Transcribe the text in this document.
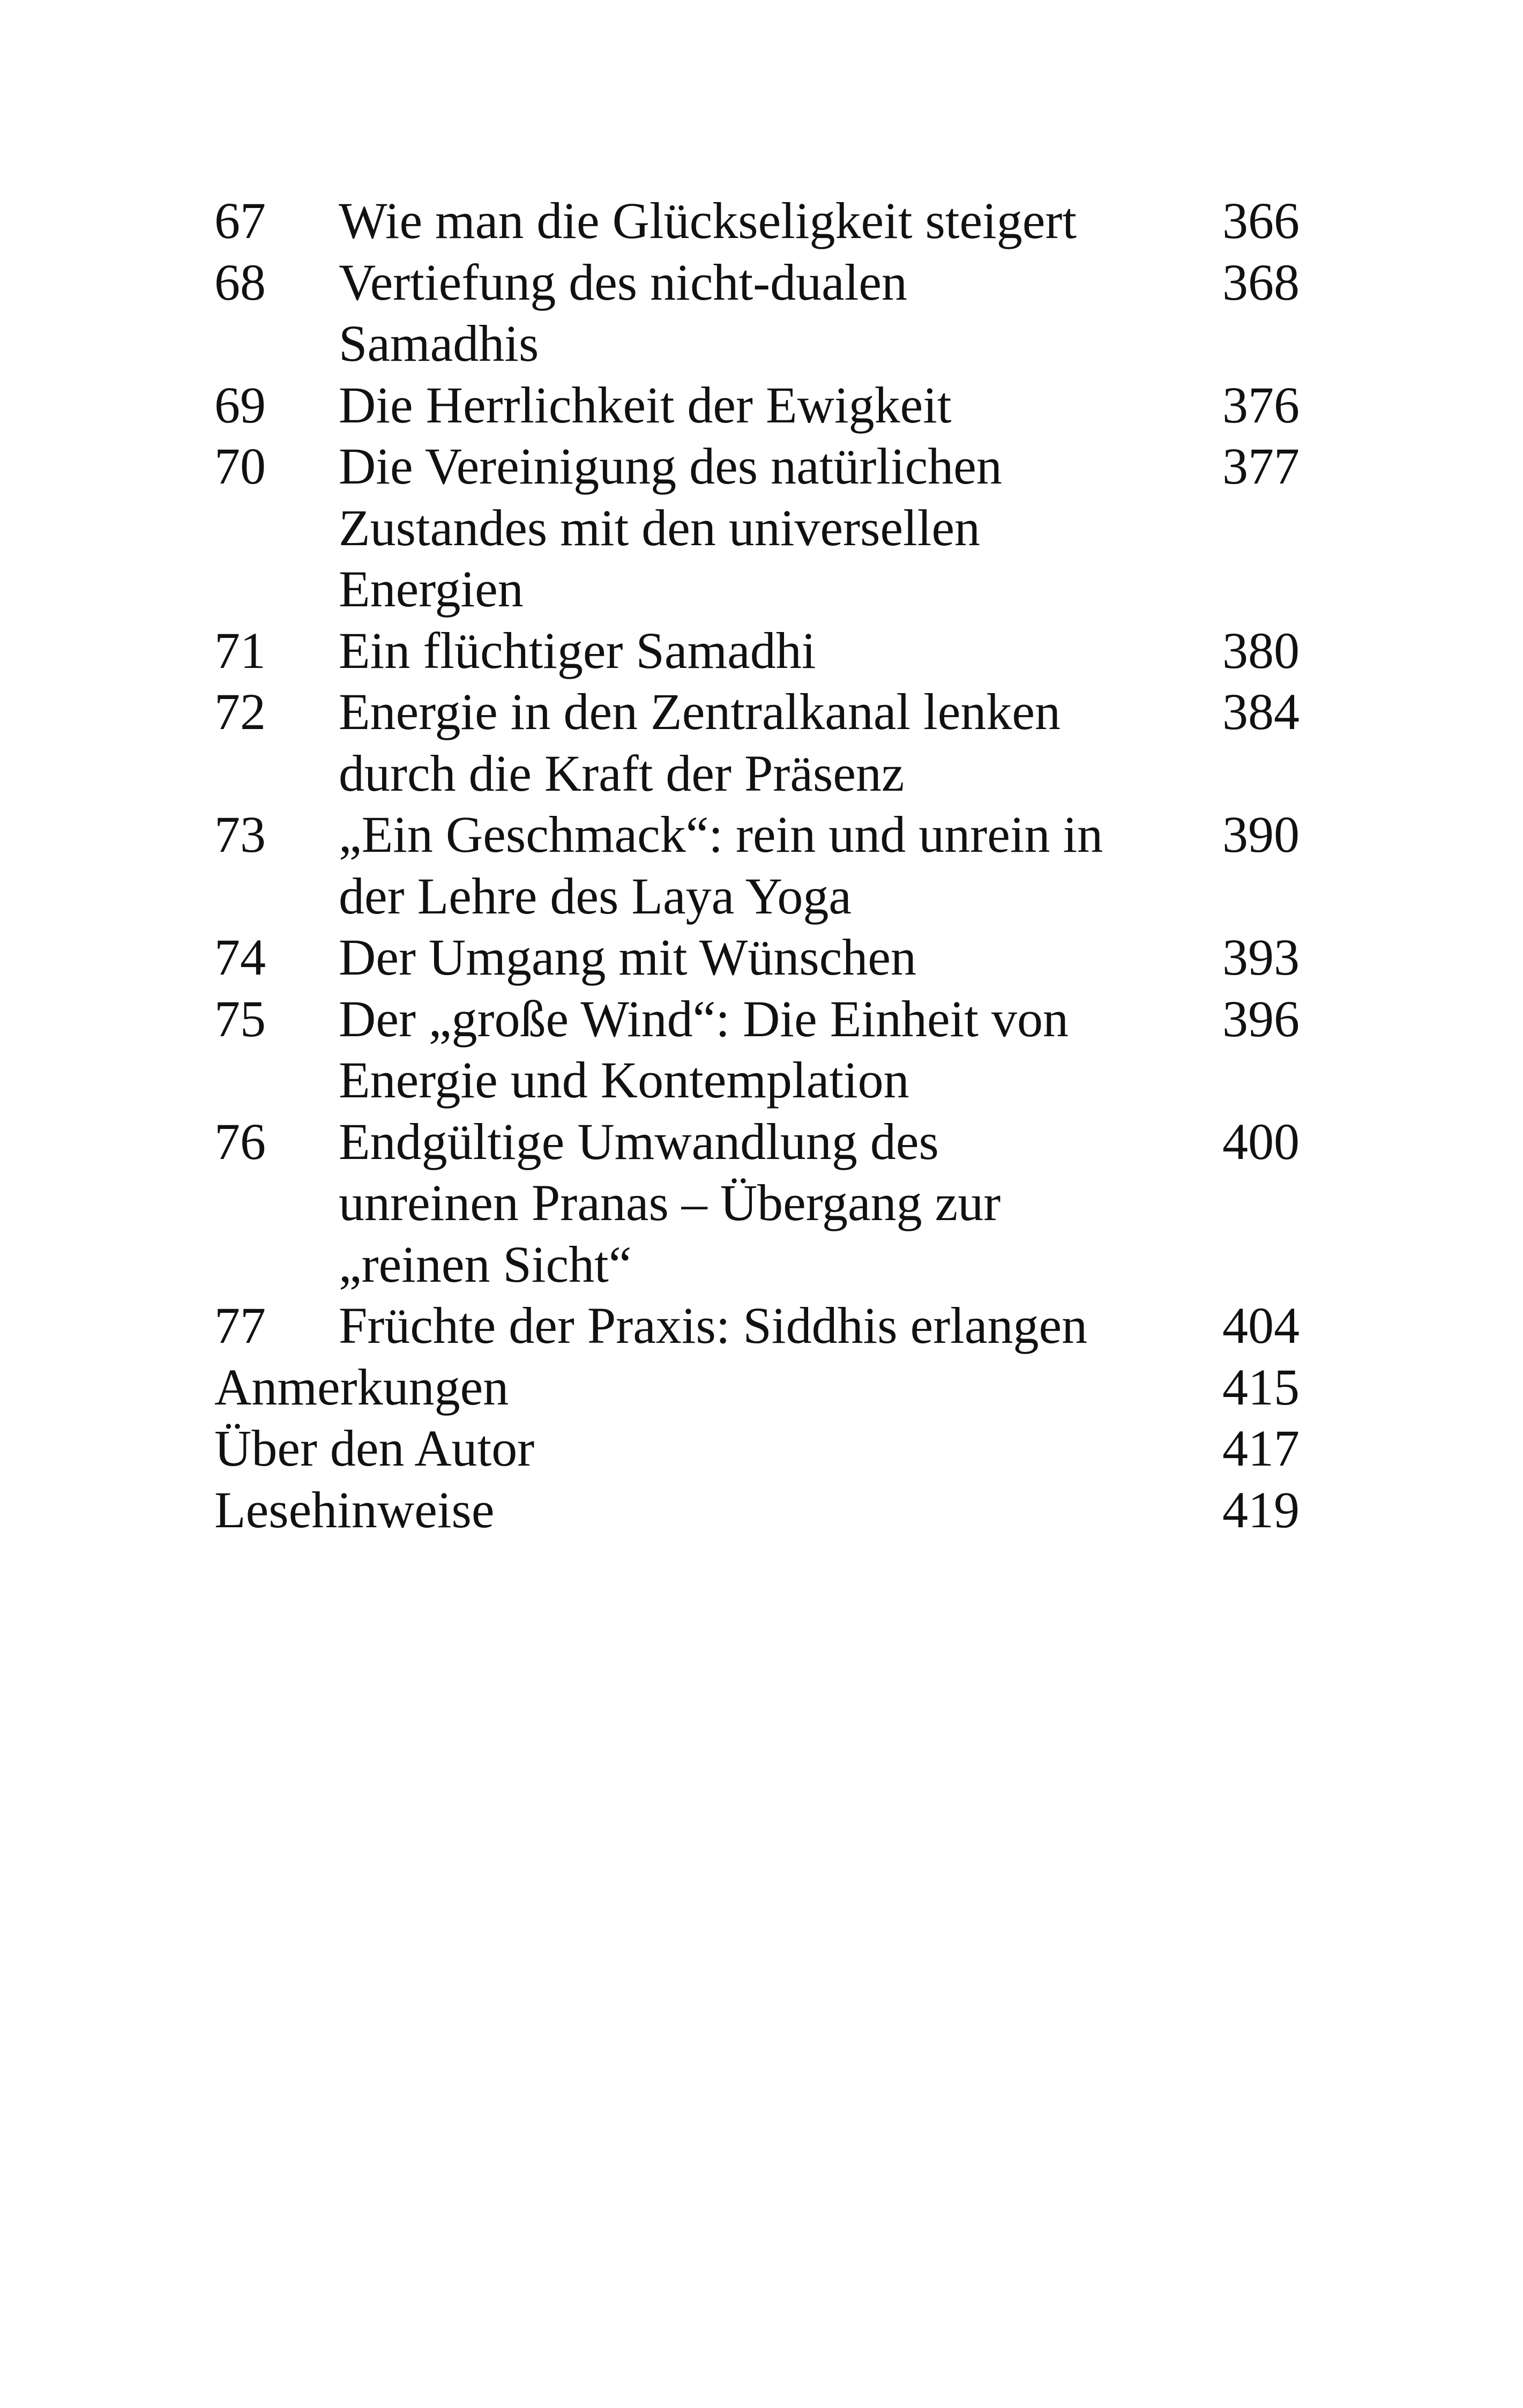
67	Wie man die Glückseligkeit steigert	366
68	Vertiefung des nicht-dualen
Samadhis
368
69	Die Herrlichkeit der Ewigkeit	376
70	Die Vereinigung des natürlichen
Zustandes mit den universellen
Energien
377
71	Ein flüchtiger Samadhi	380
72	Energie in den Zentralkanal lenken
durch die Kraft der Präsenz
384
73	„Ein Geschmack“: rein und unrein in
der Lehre des Laya Yoga
390
74	Der Umgang mit Wünschen	393
75	Der „große Wind“: Die Einheit von
Energie und Kontemplation
396
76	Endgültige Umwandlung des
unreinen Pranas – Übergang zur
„reinen Sicht“
400
77	Früchte der Praxis: Siddhis erlangen	404
Anmerkungen	415
Über den Autor	417
Lesehinweise	419
